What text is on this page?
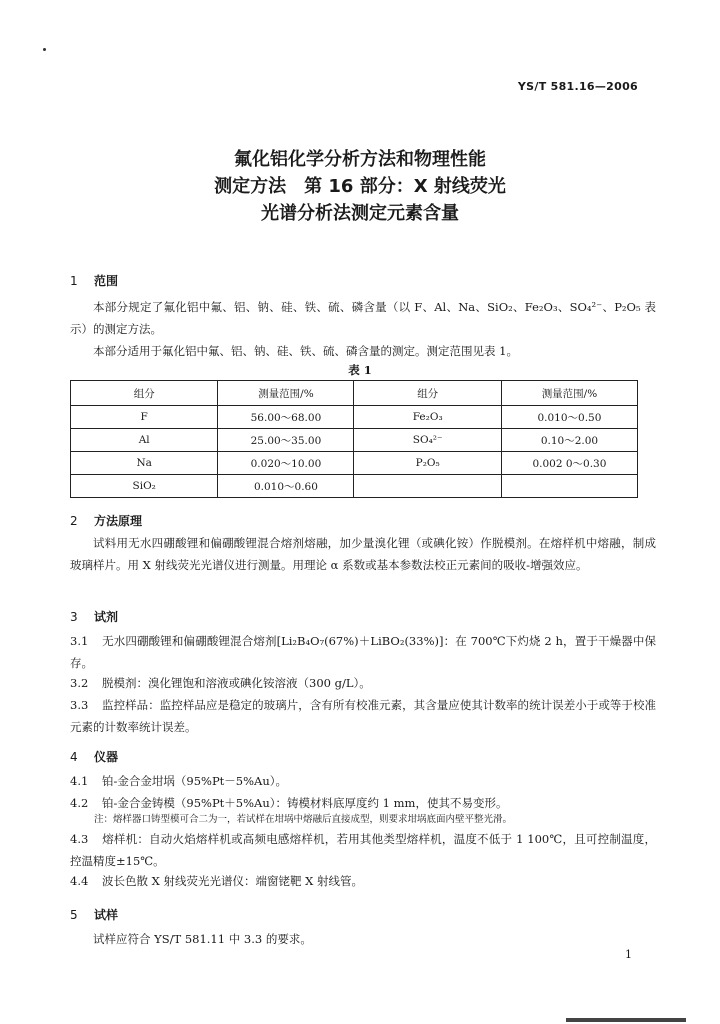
YS/T 581.16—2006
氟化铝化学分析方法和物理性能
测定方法　第 16 部分：X 射线荧光
光谱分析法测定元素含量
1 范围
本部分规定了氟化铝中氟、铝、钠、硅、铁、硫、磷含量（以 F、Al、Na、SiO₂、Fe₂O₃、SO₄²⁻、P₂O₅ 表示）的测定方法。
本部分适用于氟化铝中氟、铝、钠、硅、铁、硫、磷含量的测定。测定范围见表 1。
表 1
组分	测量范围/%	组分	测量范围/%
F	56.00～68.00	Fe₂O₃	0.010～0.50
Al	25.00～35.00	SO₄²⁻	0.10～2.00
Na	0.020～10.00	P₂O₅	0.002 0～0.30
SiO₂	0.010～0.60		
2 方法原理
试料用无水四硼酸锂和偏硼酸锂混合熔剂熔融，加少量溴化锂（或碘化铵）作脱模剂。在熔样机中熔融，制成玻璃样片。用 X 射线荧光光谱仪进行测量。用理论 α 系数或基本参数法校正元素间的吸收-增强效应。
3 试剂
3.1 无水四硼酸锂和偏硼酸锂混合熔剂[Li₂B₄O₇(67%)＋LiBO₂(33%)]：在 700℃下灼烧 2 h，置于干燥器中保存。
3.2 脱模剂：溴化锂饱和溶液或碘化铵溶液（300 g/L）。
3.3 监控样品：监控样品应是稳定的玻璃片，含有所有校准元素，其含量应使其计数率的统计误差小于或等于校准元素的计数率统计误差。
4 仪器
4.1 铂-金合金坩埚（95%Pt－5%Au）。
4.2 铂-金合金铸模（95%Pt＋5%Au）：铸模材料底厚度约 1 mm，使其不易变形。
注：熔样器口铸型模可合二为一，若试样在坩埚中熔融后直接成型，则要求坩埚底面内壁平整光滑。
4.3 熔样机：自动火焰熔样机或高频电感熔样机，若用其他类型熔样机，温度不低于 1 100℃，且可控制温度，控温精度±15℃。
4.4 波长色散 X 射线荧光光谱仪：端窗铑靶 X 射线管。
5 试样
试样应符合 YS/T 581.11 中 3.3 的要求。
1
